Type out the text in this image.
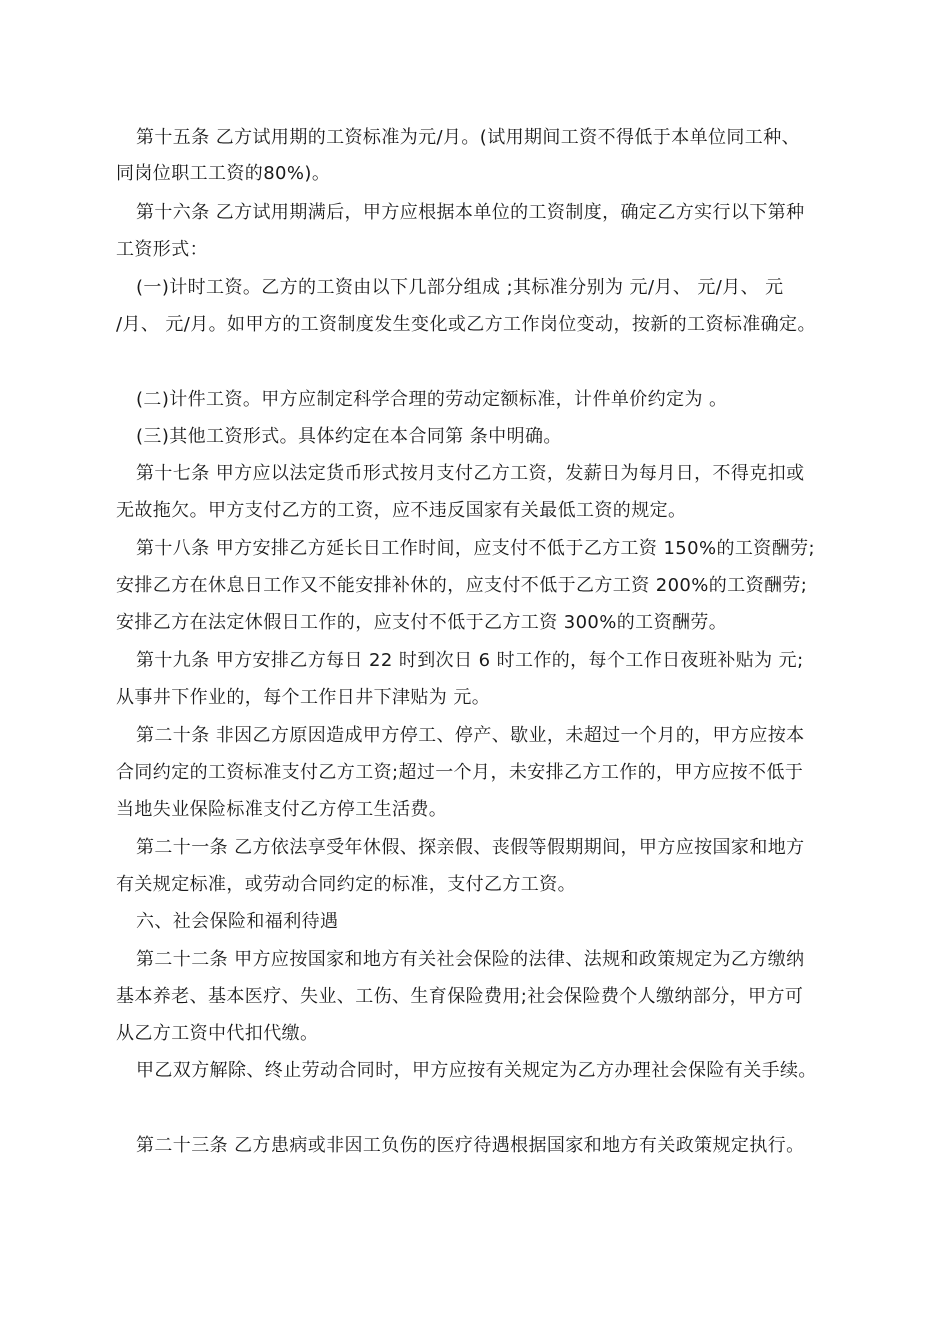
第十五条 乙方试用期的工资标准为元/月。(试用期间工资不得低于本单位同工种、
同岗位职工工资的80%)。
第十六条 乙方试用期满后，甲方应根据本单位的工资制度，确定乙方实行以下第种
工资形式：
(一)计时工资。乙方的工资由以下几部分组成 ;其标准分别为 元/月、 元/月、 元
/月、 元/月。如甲方的工资制度发生变化或乙方工作岗位变动，按新的工资标准确定。
(二)计件工资。甲方应制定科学合理的劳动定额标准，计件单价约定为 。
(三)其他工资形式。具体约定在本合同第 条中明确。
第十七条 甲方应以法定货币形式按月支付乙方工资，发薪日为每月日，不得克扣或
无故拖欠。甲方支付乙方的工资，应不违反国家有关最低工资的规定。
第十八条 甲方安排乙方延长日工作时间，应支付不低于乙方工资 150%的工资酬劳;
安排乙方在休息日工作又不能安排补休的，应支付不低于乙方工资 200%的工资酬劳;
安排乙方在法定休假日工作的，应支付不低于乙方工资 300%的工资酬劳。
第十九条 甲方安排乙方每日 22 时到次日 6 时工作的，每个工作日夜班补贴为 元;
从事井下作业的，每个工作日井下津贴为 元。
第二十条 非因乙方原因造成甲方停工、停产、歇业，未超过一个月的，甲方应按本
合同约定的工资标准支付乙方工资;超过一个月，未安排乙方工作的，甲方应按不低于
当地失业保险标准支付乙方停工生活费。
第二十一条 乙方依法享受年休假、探亲假、丧假等假期期间，甲方应按国家和地方
有关规定标准，或劳动合同约定的标准，支付乙方工资。
六、社会保险和福利待遇
第二十二条 甲方应按国家和地方有关社会保险的法律、法规和政策规定为乙方缴纳
基本养老、基本医疗、失业、工伤、生育保险费用;社会保险费个人缴纳部分，甲方可
从乙方工资中代扣代缴。
甲乙双方解除、终止劳动合同时，甲方应按有关规定为乙方办理社会保险有关手续。
第二十三条 乙方患病或非因工负伤的医疗待遇根据国家和地方有关政策规定执行。
